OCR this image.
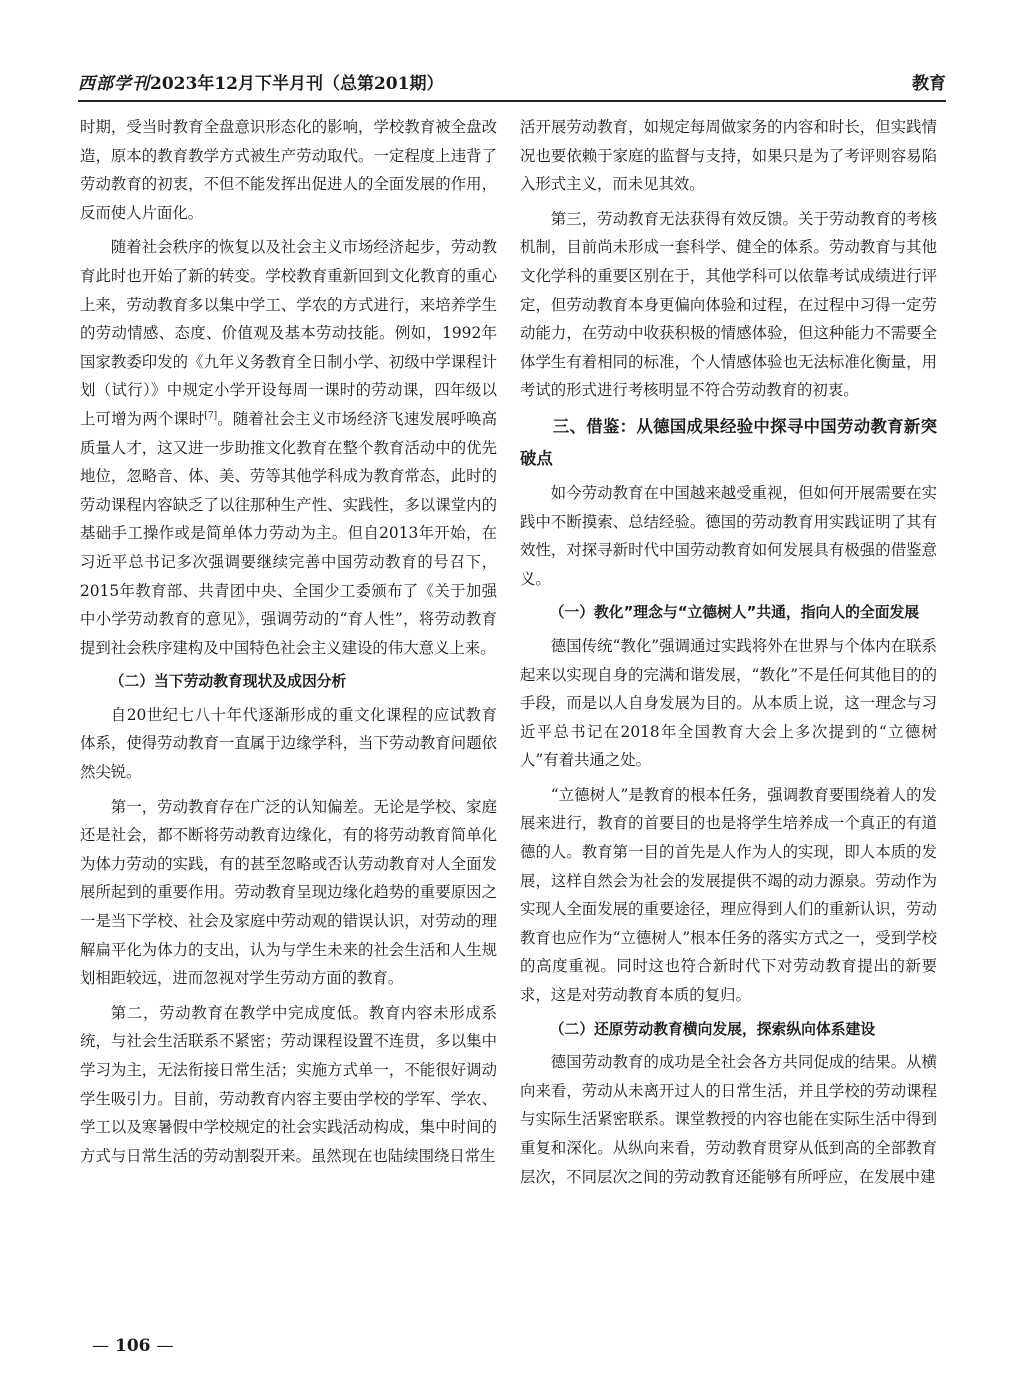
西部学刊2023年12月下半月刊（总第201期）	教育

时期，受当时教育全盘意识形态化的影响，学校教育被全盘改造，原本的教育教学方式被生产劳动取代。一定程度上违背了劳动教育的初衷，不但不能发挥出促进人的全面发展的作用，反而使人片面化。

随着社会秩序的恢复以及社会主义市场经济起步，劳动教育此时也开始了新的转变。学校教育重新回到文化教育的重心上来，劳动教育多以集中学工、学农的方式进行，来培养学生的劳动情感、态度、价值观及基本劳动技能。例如，1992年国家教委印发的《九年义务教育全日制小学、初级中学课程计划（试行）》中规定小学开设每周一课时的劳动课，四年级以上可增为两个课时[7]。随着社会主义市场经济飞速发展呼唤高质量人才，这又进一步助推文化教育在整个教育活动中的优先地位，忽略音、体、美、劳等其他学科成为教育常态，此时的劳动课程内容缺乏了以往那种生产性、实践性，多以课堂内的基础手工操作或是简单体力劳动为主。但自2013年开始，在习近平总书记多次强调要继续完善中国劳动教育的号召下，2015年教育部、共青团中央、全国少工委颁布了《关于加强中小学劳动教育的意见》，强调劳动的“育人性”，将劳动教育提到社会秩序建构及中国特色社会主义建设的伟大意义上来。

（二）当下劳动教育现状及成因分析

自20世纪七八十年代逐渐形成的重文化课程的应试教育体系，使得劳动教育一直属于边缘学科，当下劳动教育问题依然尖锐。

第一，劳动教育存在广泛的认知偏差。无论是学校、家庭还是社会，都不断将劳动教育边缘化，有的将劳动教育简单化为体力劳动的实践，有的甚至忽略或否认劳动教育对人全面发展所起到的重要作用。劳动教育呈现边缘化趋势的重要原因之一是当下学校、社会及家庭中劳动观的错误认识，对劳动的理解扁平化为体力的支出，认为与学生未来的社会生活和人生规划相距较远，进而忽视对学生劳动方面的教育。

第二，劳动教育在教学中完成度低。教育内容未形成系统，与社会生活联系不紧密；劳动课程设置不连贯，多以集中学习为主，无法衔接日常生活；实施方式单一，不能很好调动学生吸引力。目前，劳动教育内容主要由学校的学军、学农、学工以及寒暑假中学校规定的社会实践活动构成，集中时间的方式与日常生活的劳动割裂开来。虽然现在也陆续围绕日常生

活开展劳动教育，如规定每周做家务的内容和时长，但实践情况也要依赖于家庭的监督与支持，如果只是为了考评则容易陷入形式主义，而未见其效。

第三，劳动教育无法获得有效反馈。关于劳动教育的考核机制，目前尚未形成一套科学、健全的体系。劳动教育与其他文化学科的重要区别在于，其他学科可以依靠考试成绩进行评定，但劳动教育本身更偏向体验和过程，在过程中习得一定劳动能力，在劳动中收获积极的情感体验，但这种能力不需要全体学生有着相同的标准，个人情感体验也无法标准化衡量，用考试的形式进行考核明显不符合劳动教育的初衷。

三、借鉴：从德国成果经验中探寻中国劳动教育新突破点

如今劳动教育在中国越来越受重视，但如何开展需要在实践中不断摸索、总结经验。德国的劳动教育用实践证明了其有效性，对探寻新时代中国劳动教育如何发展具有极强的借鉴意义。

（一）教化”理念与“立德树人”共通，指向人的全面发展

德国传统“教化”强调通过实践将外在世界与个体内在联系起来以实现自身的完满和谐发展，“教化”不是任何其他目的的手段，而是以人自身发展为目的。从本质上说，这一理念与习近平总书记在2018年全国教育大会上多次提到的“立德树人”有着共通之处。

“立德树人”是教育的根本任务，强调教育要围绕着人的发展来进行，教育的首要目的也是将学生培养成一个真正的有道德的人。教育第一目的首先是人作为人的实现，即人本质的发展，这样自然会为社会的发展提供不竭的动力源泉。劳动作为实现人全面发展的重要途径，理应得到人们的重新认识，劳动教育也应作为“立德树人”根本任务的落实方式之一，受到学校的高度重视。同时这也符合新时代下对劳动教育提出的新要求，这是对劳动教育本质的复归。

（二）还原劳动教育横向发展，探索纵向体系建设

德国劳动教育的成功是全社会各方共同促成的结果。从横向来看，劳动从未离开过人的日常生活，并且学校的劳动课程与实际生活紧密联系。课堂教授的内容也能在实际生活中得到重复和深化。从纵向来看，劳动教育贯穿从低到高的全部教育层次，不同层次之间的劳动教育还能够有所呼应，在发展中建

— 106 —
